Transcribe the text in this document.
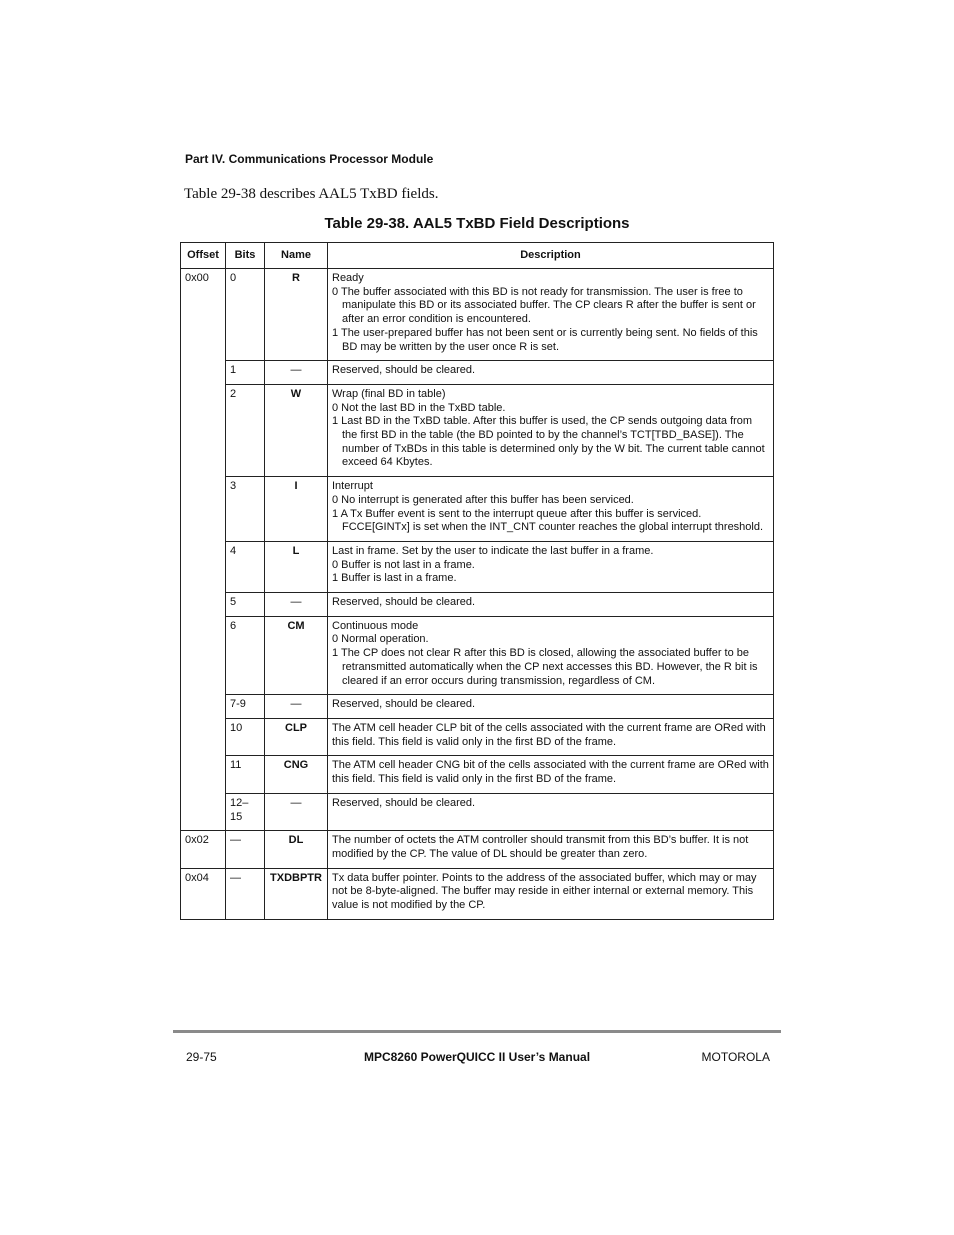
Part IV. Communications Processor Module
Table 29-38 describes AAL5 TxBD fields.
Table 29-38. AAL5 TxBD Field Descriptions
Offset	Bits	Name	Description
0x00	0	R	Ready
0 The buffer associated with this BD is not ready for transmission. The user is free to manipulate this BD or its associated buffer. The CP clears R after the buffer is sent or after an error condition is encountered.
1 The user-prepared buffer has not been sent or is currently being sent. No fields of this BD may be written by the user once R is set.

	1	—	Reserved, should be cleared.

	2	W	Wrap (final BD in table)
0 Not the last BD in the TxBD table.
1 Last BD in the TxBD table. After this buffer is used, the CP sends outgoing data from the first BD in the table (the BD pointed to by the channel’s TCT[TBD_BASE]). The number of TxBDs in this table is determined only by the W bit. The current table cannot exceed 64 Kbytes.

	3	I	Interrupt
0 No interrupt is generated after this buffer has been serviced.
1 A Tx Buffer event is sent to the interrupt queue after this buffer is serviced. FCCE[GINTx] is set when the INT_CNT counter reaches the global interrupt threshold.

	4	L	Last in frame. Set by the user to indicate the last buffer in a frame.
0 Buffer is not last in a frame.
1 Buffer is last in a frame.

	5	—	Reserved, should be cleared.

	6	CM	Continuous mode
0 Normal operation.
1 The CP does not clear R after this BD is closed, allowing the associated buffer to be retransmitted automatically when the CP next accesses this BD. However, the R bit is cleared if an error occurs during transmission, regardless of CM.

	7-9	—	Reserved, should be cleared.

	10	CLP	The ATM cell header CLP bit of the cells associated with the current frame are ORed with this field. This field is valid only in the first BD of the frame.

	11	CNG	The ATM cell header CNG bit of the cells associated with the current frame are ORed with this field. This field is valid only in the first BD of the frame.

	12–15	—	Reserved, should be cleared.

0x02	—	DL	The number of octets the ATM controller should transmit from this BD’s buffer. It is not modified by the CP. The value of DL should be greater than zero.

0x04	—	TXDBPTR	Tx data buffer pointer. Points to the address of the associated buffer, which may or may not be 8-byte-aligned. The buffer may reside in either internal or external memory. This value is not modified by the CP.
29-75	MPC8260 PowerQUICC II User’s Manual	MOTOROLA
